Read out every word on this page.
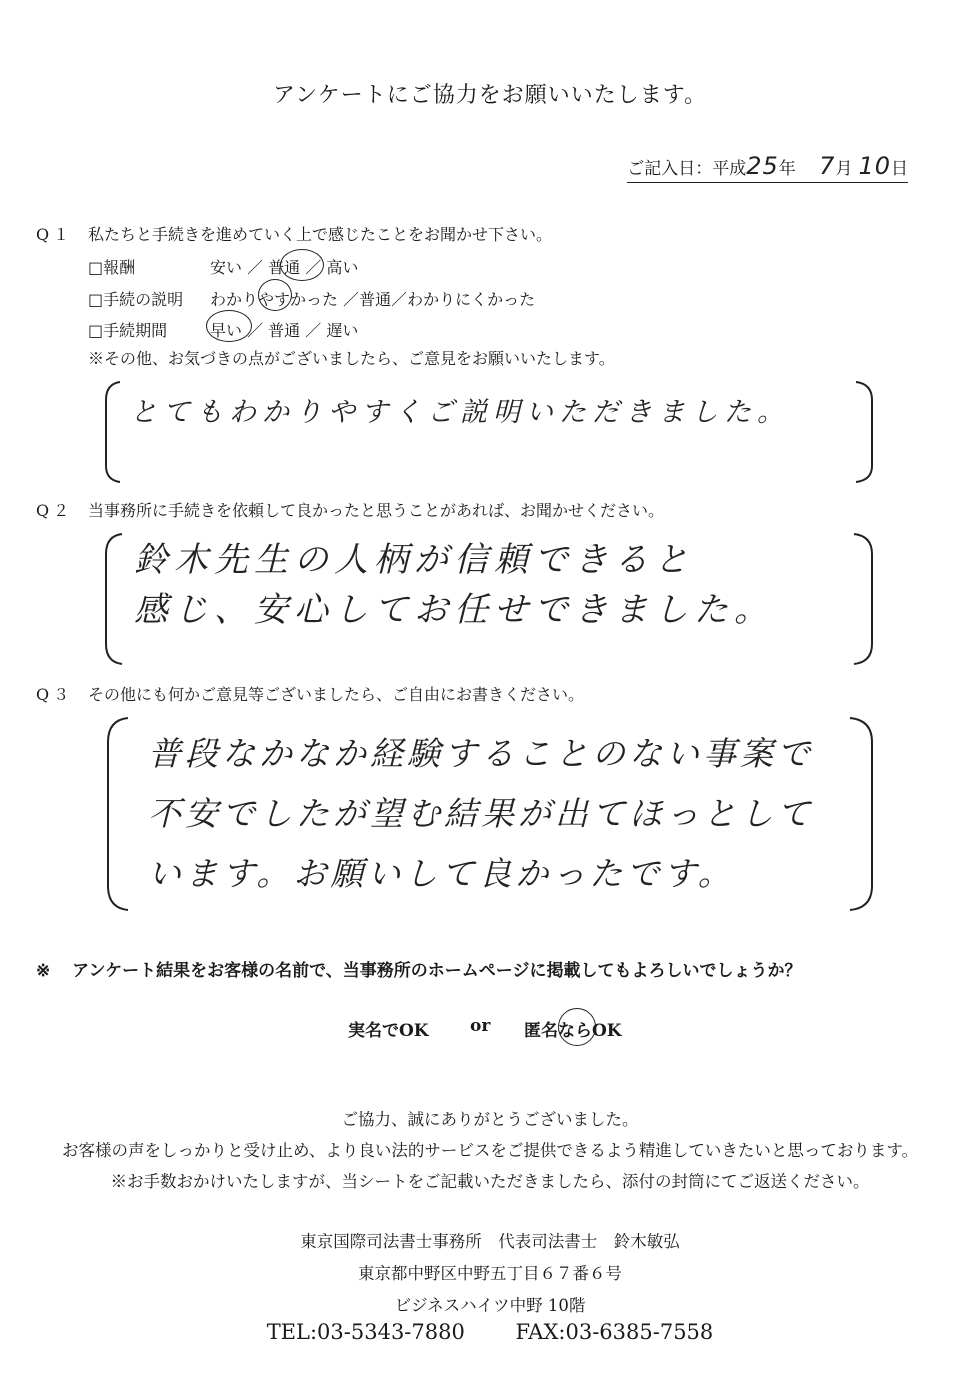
アンケートにご協力をお願いいたします。
ご記入日：平成25年 7月 10日
Q１ 私たちと手続きを進めていく上で感じたことをお聞かせ下さい。
□報酬	安い ／ 普通 ／ 高い
□手続の説明 わかりやすかった ／普通／わかりにくかった
□手続期間	早い ／ 普通 ／ 遅い
※その他、お気づきの点がございましたら、ご意見をお願いいたします。
とてもわかりやすくご説明いただきました。
Q２ 当事務所に手続きを依頼して良かったと思うことがあれば、お聞かせください。
鈴木先生の人柄が信頼できると
感じ、安心してお任せできました。
Q３ その他にも何かご意見等ございましたら、ご自由にお書きください。
普段なかなか経験することのない事案で
不安でしたが望む結果が出てほっとして
います。お願いして良かったです。
※ アンケート結果をお客様の名前で、当事務所のホームページに掲載してもよろしいでしょうか？
実名でOK or 匿名ならOK
ご協力、誠にありがとうございました。
お客様の声をしっかりと受け止め、より良い法的サービスをご提供できるよう精進していきたいと思っております。
※お手数おかけいたしますが、当シートをご記載いただきましたら、添付の封筒にてご返送ください。
東京国際司法書士事務所　代表司法書士　鈴木敏弘
東京都中野区中野五丁目６７番６号
ビジネスハイツ中野 10階
TEL:03-5343-7880 FAX:03-6385-7558
